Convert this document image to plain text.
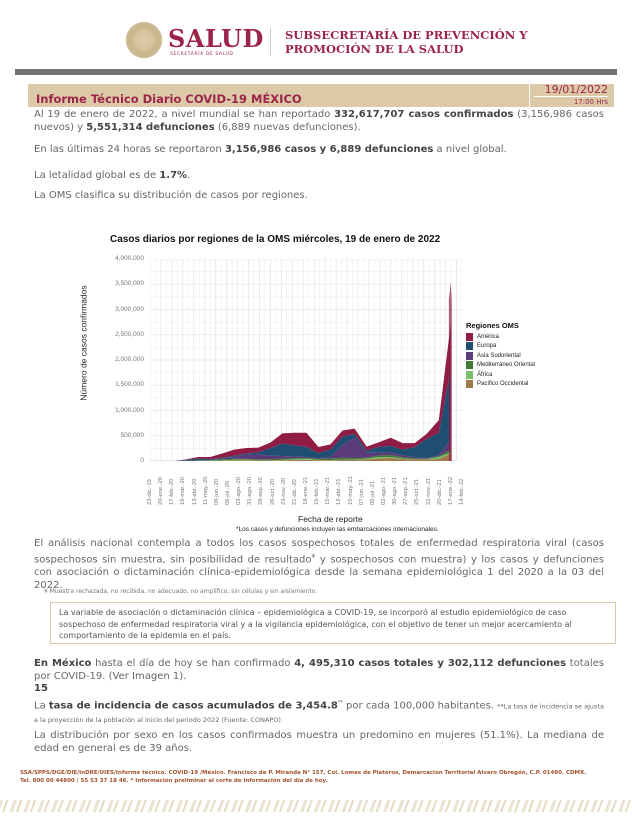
SALUD
SECRETARÍA DE SALUD
SUBSECRETARÍA DE PREVENCIÓN Y
PROMOCIÓN DE LA SALUD
Informe Técnico Diario COVID-19 MÉXICO
19/01/2022
17:00 Hrs

Al 19 de enero de 2022, a nivel mundial se han reportado 332,617,707 casos confirmados (3,156,986 casos nuevos) y 5,551,314 defunciones (6,889 nuevas defunciones).

En las últimas 24 horas se reportaron 3,156,986 casos y 6,889 defunciones a nivel global.

La letalidad global es de 1.7%.

La OMS clasifica su distribución de casos por regiones.

Casos diarios por regiones de la OMS miércoles, 19 de enero de 2022
Número de casos confirmados
0
500,000
1,000,000
1,500,000
2,000,000
2,500,000
3,000,000
3,500,000
4,000,000
23-dic.-19 20-ene.-20 17-feb.-20 16-mar.-20 13-abr.-20 11-may.-20 08-jun.-20 06-jul.-20 03-ago.-20 31-ago.-20 28-sep.-20 26-oct.-20 23-nov.-20 21-dic.-20 18-ene.-21 15-feb.-21 15-mar.-21 12-abr.-21 10-may.-21 07-jun.-21 05-jul.-21 02-ago.-21 30-ago.-21 27-sep.-21 25-oct.-21 22-nov.-21 20-dic.-21 17-ene.-22 14-feb.-22
Fecha de reporte
*Los casos y defunciones incluyen las embarcaciones internacionales.
Regiones OMS
América
Europa
Asia Sudoriental
Mediterráneo Oriental
África
Pacífico Occidental

El análisis nacional contempla a todos los casos sospechosos totales de enfermedad respiratoria viral (casos sospechosos sin muestra, sin posibilidad de resultado¥ y sospechosos con muestra) y los casos y defunciones con asociación o dictaminación clínica-epidemiológica desde la semana epidemiológica 1 del 2020 a la 03 del 2022.

¥ Muestra rechazada, no recibida, no adecuado, no amplifico, sin células y sin aislamiento.
La variable de asociación o dictaminación clínica – epidemiológica a COVID-19, se incorporó al estudio epidemiológico de caso sospechoso de enfermedad respiratoria viral y a la vigilancia epidemiológica, con el objetivo de tener un mejor acercamiento al comportamiento de la epidemia en el país.

En México hasta el día de hoy se han confirmado 4, 495,310 casos totales y 302,112 defunciones totales por COVID-19. (Ver Imagen 1).

15

La tasa de incidencia de casos acumulados de 3,454.8** por cada 100,000 habitantes. **La tasa de incidencia se ajusta a la proyección de la población al inicio del periodo 2022 (Fuente: CONAPO)

La distribución por sexo en los casos confirmados muestra un predomino en mujeres (51.1%). La mediana de edad en general es de 39 años.

SSA/SPPS/DGE/DIE/InDRE/UIES/Informe técnico. COVID-19 /México. Francisco de P. Miranda N° 157, Col. Lomas de Plateros, Demarcación Territorial Alvaro Obregón, C.P. 01480. CDMX.
Tel. 800 00 44800 / 55 53 37 18 46. * Información preliminar al corte de información del día de hoy.
